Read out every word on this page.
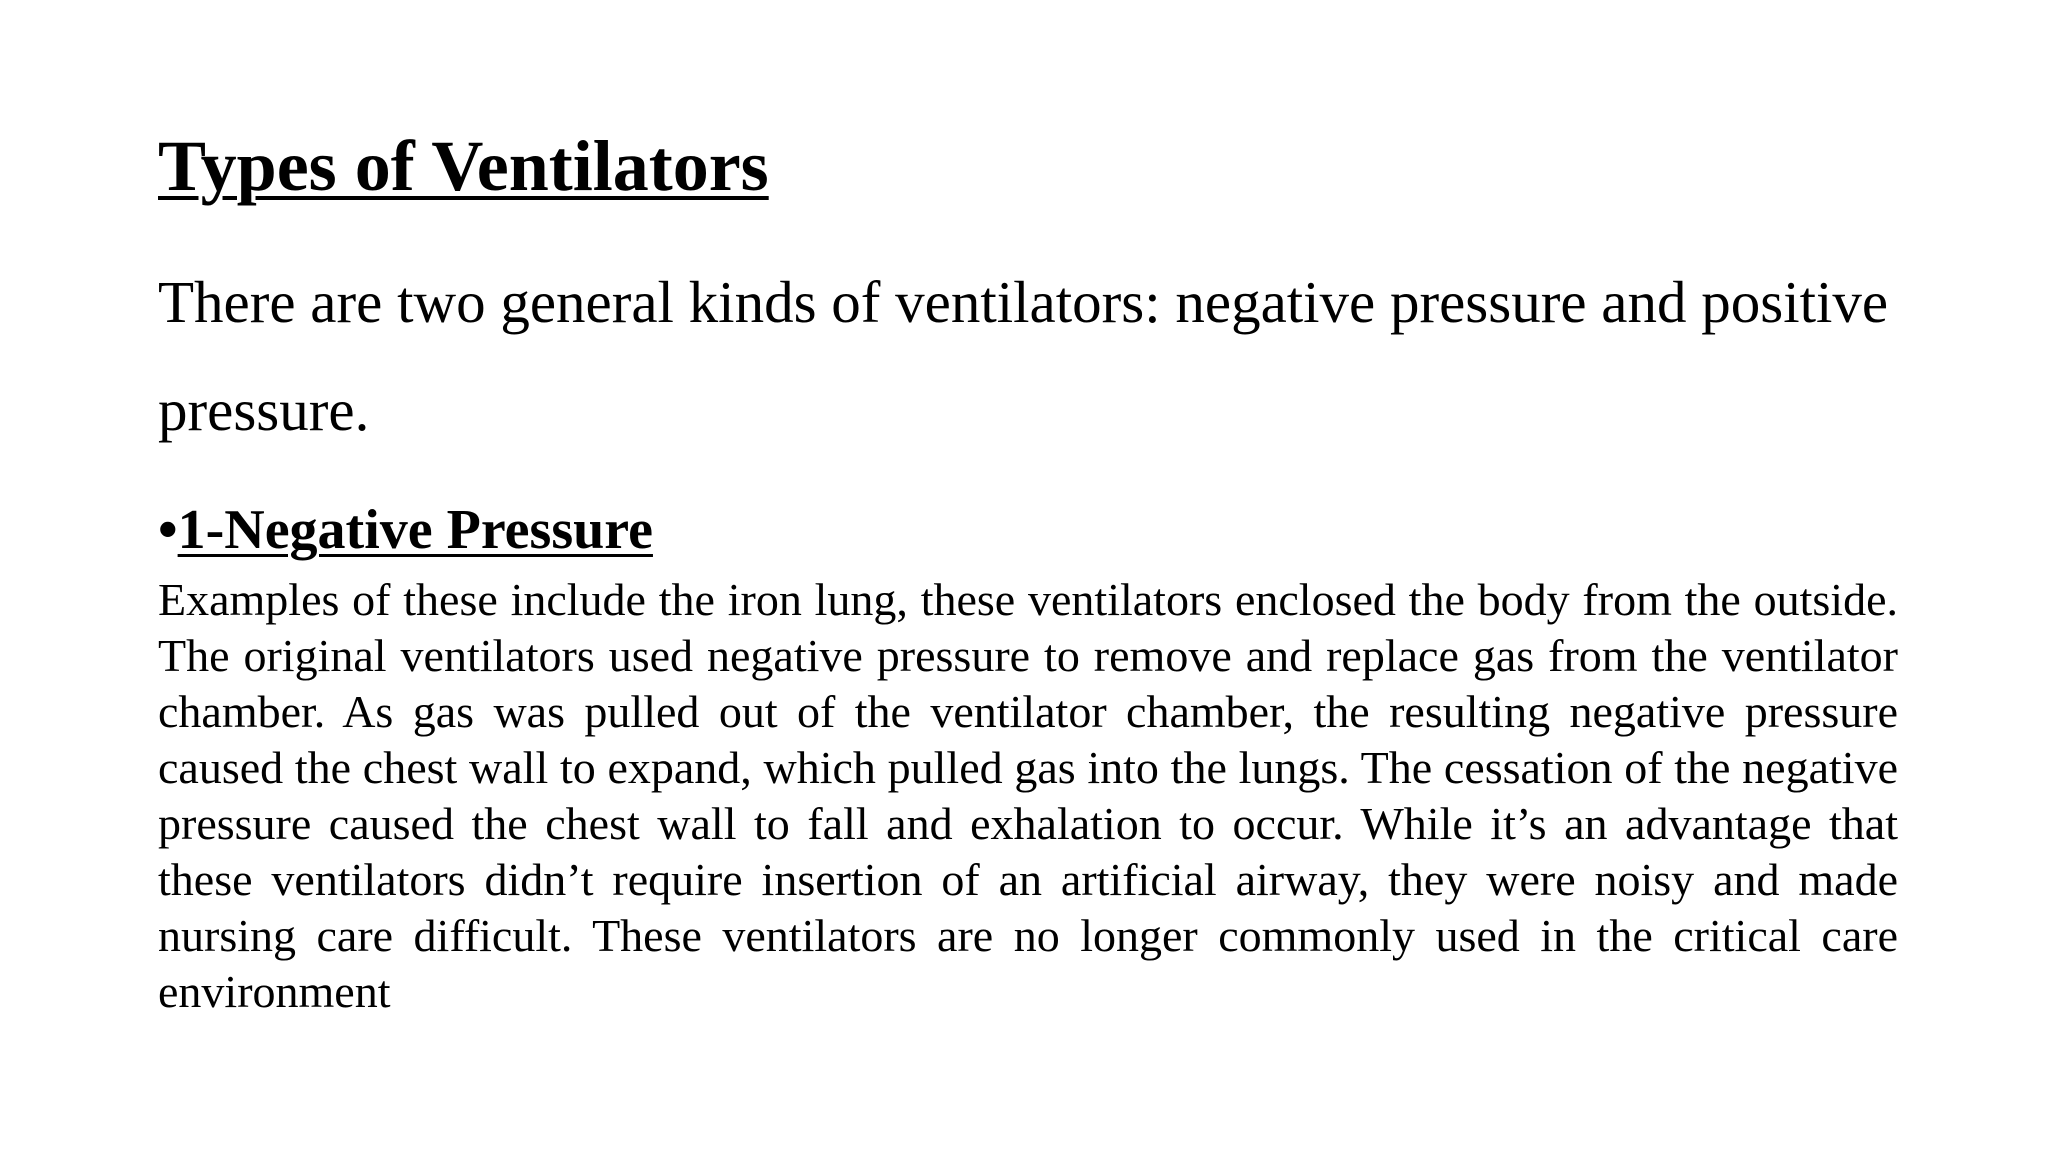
Types of Ventilators

There are two general kinds of ventilators: negative pressure and positive pressure.

•1-Negative Pressure

Examples of these include the iron lung, these ventilators enclosed the body from the outside. The original ventilators used negative pressure to remove and replace gas from the ventilator chamber. As gas was pulled out of the ventilator chamber, the resulting negative pressure caused the chest wall to expand, which pulled gas into the lungs. The cessation of the negative pressure caused the chest wall to fall and exhalation to occur. While it’s an advantage that these ventilators didn’t require insertion of an artificial airway, they were noisy and made nursing care difficult. These ventilators are no longer commonly used in the critical care environment
